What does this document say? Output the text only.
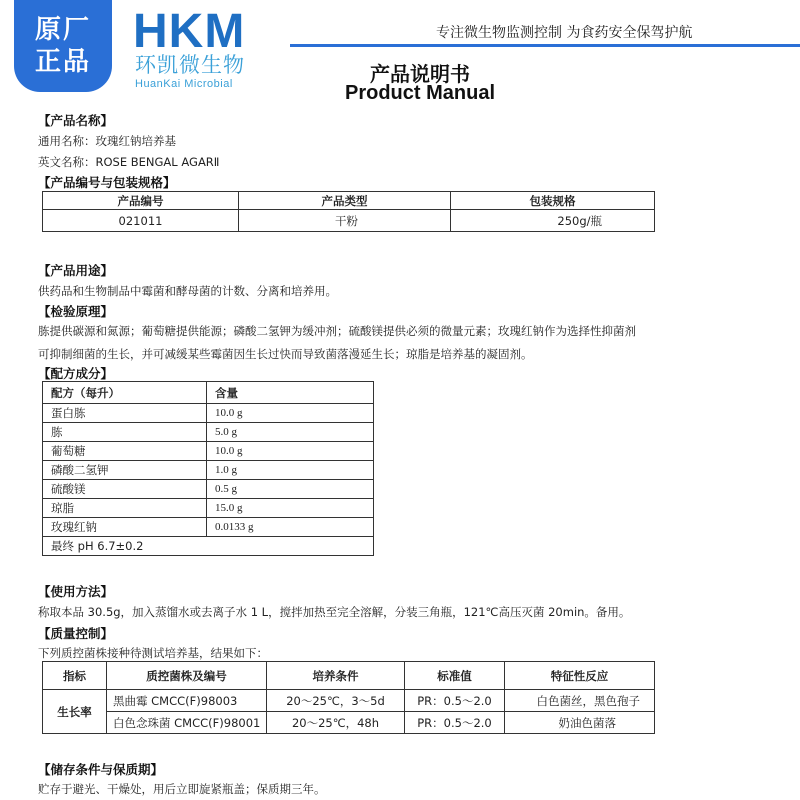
原厂
正品
HKM
环凯微生物
HuanKai Microbial
专注微生物监测控制 为食药安全保驾护航
产品说明书
Product Manual
【产品名称】
通用名称：玫瑰红钠培养基
英文名称：ROSE BENGAL AGARⅡ
【产品编号与包装规格】
产品编号	产品类型	包装规格
021011	干粉	250g/瓶
【产品用途】
供药品和生物制品中霉菌和酵母菌的计数、分离和培养用。
【检验原理】
胨提供碳源和氮源；葡萄糖提供能源；磷酸二氢钾为缓冲剂；硫酸镁提供必须的微量元素；玫瑰红钠作为选择性抑菌剂
可抑制细菌的生长，并可减缓某些霉菌因生长过快而导致菌落漫延生长；琼脂是培养基的凝固剂。
【配方成分】
配方（每升）	含量
蛋白胨	10.0 g
胨	5.0 g
葡萄糖	10.0 g
磷酸二氢钾	1.0 g
硫酸镁	0.5 g
琼脂	15.0 g
玫瑰红钠	0.0133 g
最终 pH 6.7±0.2	
【使用方法】
称取本品 30.5g，加入蒸馏水或去离子水 1 L，搅拌加热至完全溶解，分装三角瓶，121℃高压灭菌 20min。备用。
【质量控制】
下列质控菌株接种待测试培养基，结果如下：
指标	质控菌株及编号	培养条件	标准值	特征性反应
生长率	黑曲霉 CMCC(F)98003	20～25℃，3～5d	PR：0.5～2.0	白色菌丝，黑色孢子
	白色念珠菌 CMCC(F)98001	20～25℃，48h	PR：0.5～2.0	奶油色菌落
【储存条件与保质期】
贮存于避光、干燥处，用后立即旋紧瓶盖；保质期三年。
